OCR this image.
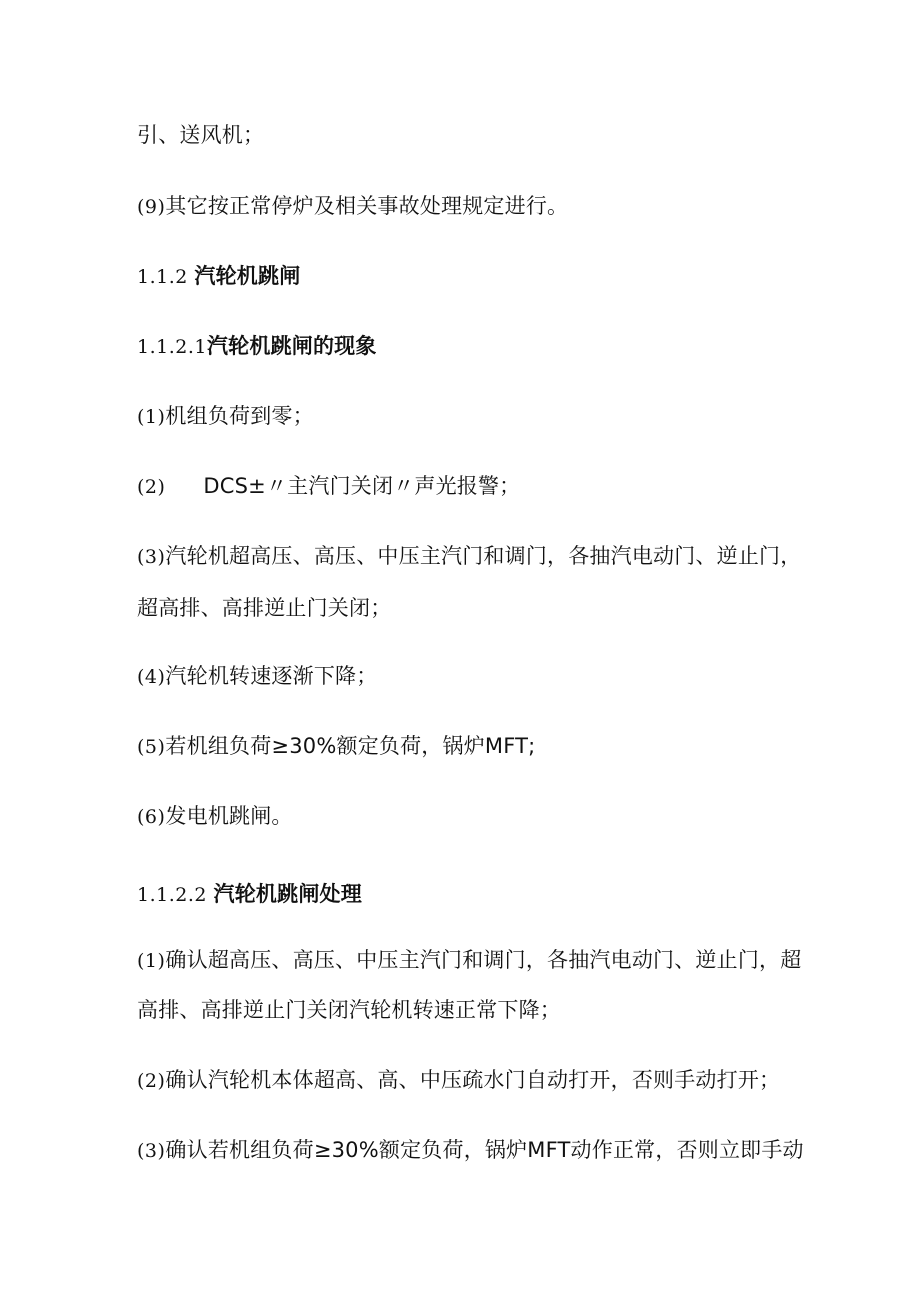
引、送风机；
(9)其它按正常停炉及相关事故处理规定进行。
1.1.2 汽轮机跳闸
1.1.2.1汽轮机跳闸的现象
(1)机组负荷到零；
(2) DCS±〃主汽门关闭〃声光报警；
(3)汽轮机超高压、高压、中压主汽门和调门，各抽汽电动门、逆止门，
超高排、高排逆止门关闭；
(4)汽轮机转速逐渐下降；
(5)若机组负荷≥30%额定负荷，锅炉MFT;
(6)发电机跳闸。
1.1.2.2 汽轮机跳闸处理
(1)确认超高压、高压、中压主汽门和调门，各抽汽电动门、逆止门，超
高排、高排逆止门关闭汽轮机转速正常下降；
(2)确认汽轮机本体超高、高、中压疏水门自动打开，否则手动打开；
(3)确认若机组负荷≥30%额定负荷，锅炉MFT动作正常，否则立即手动
